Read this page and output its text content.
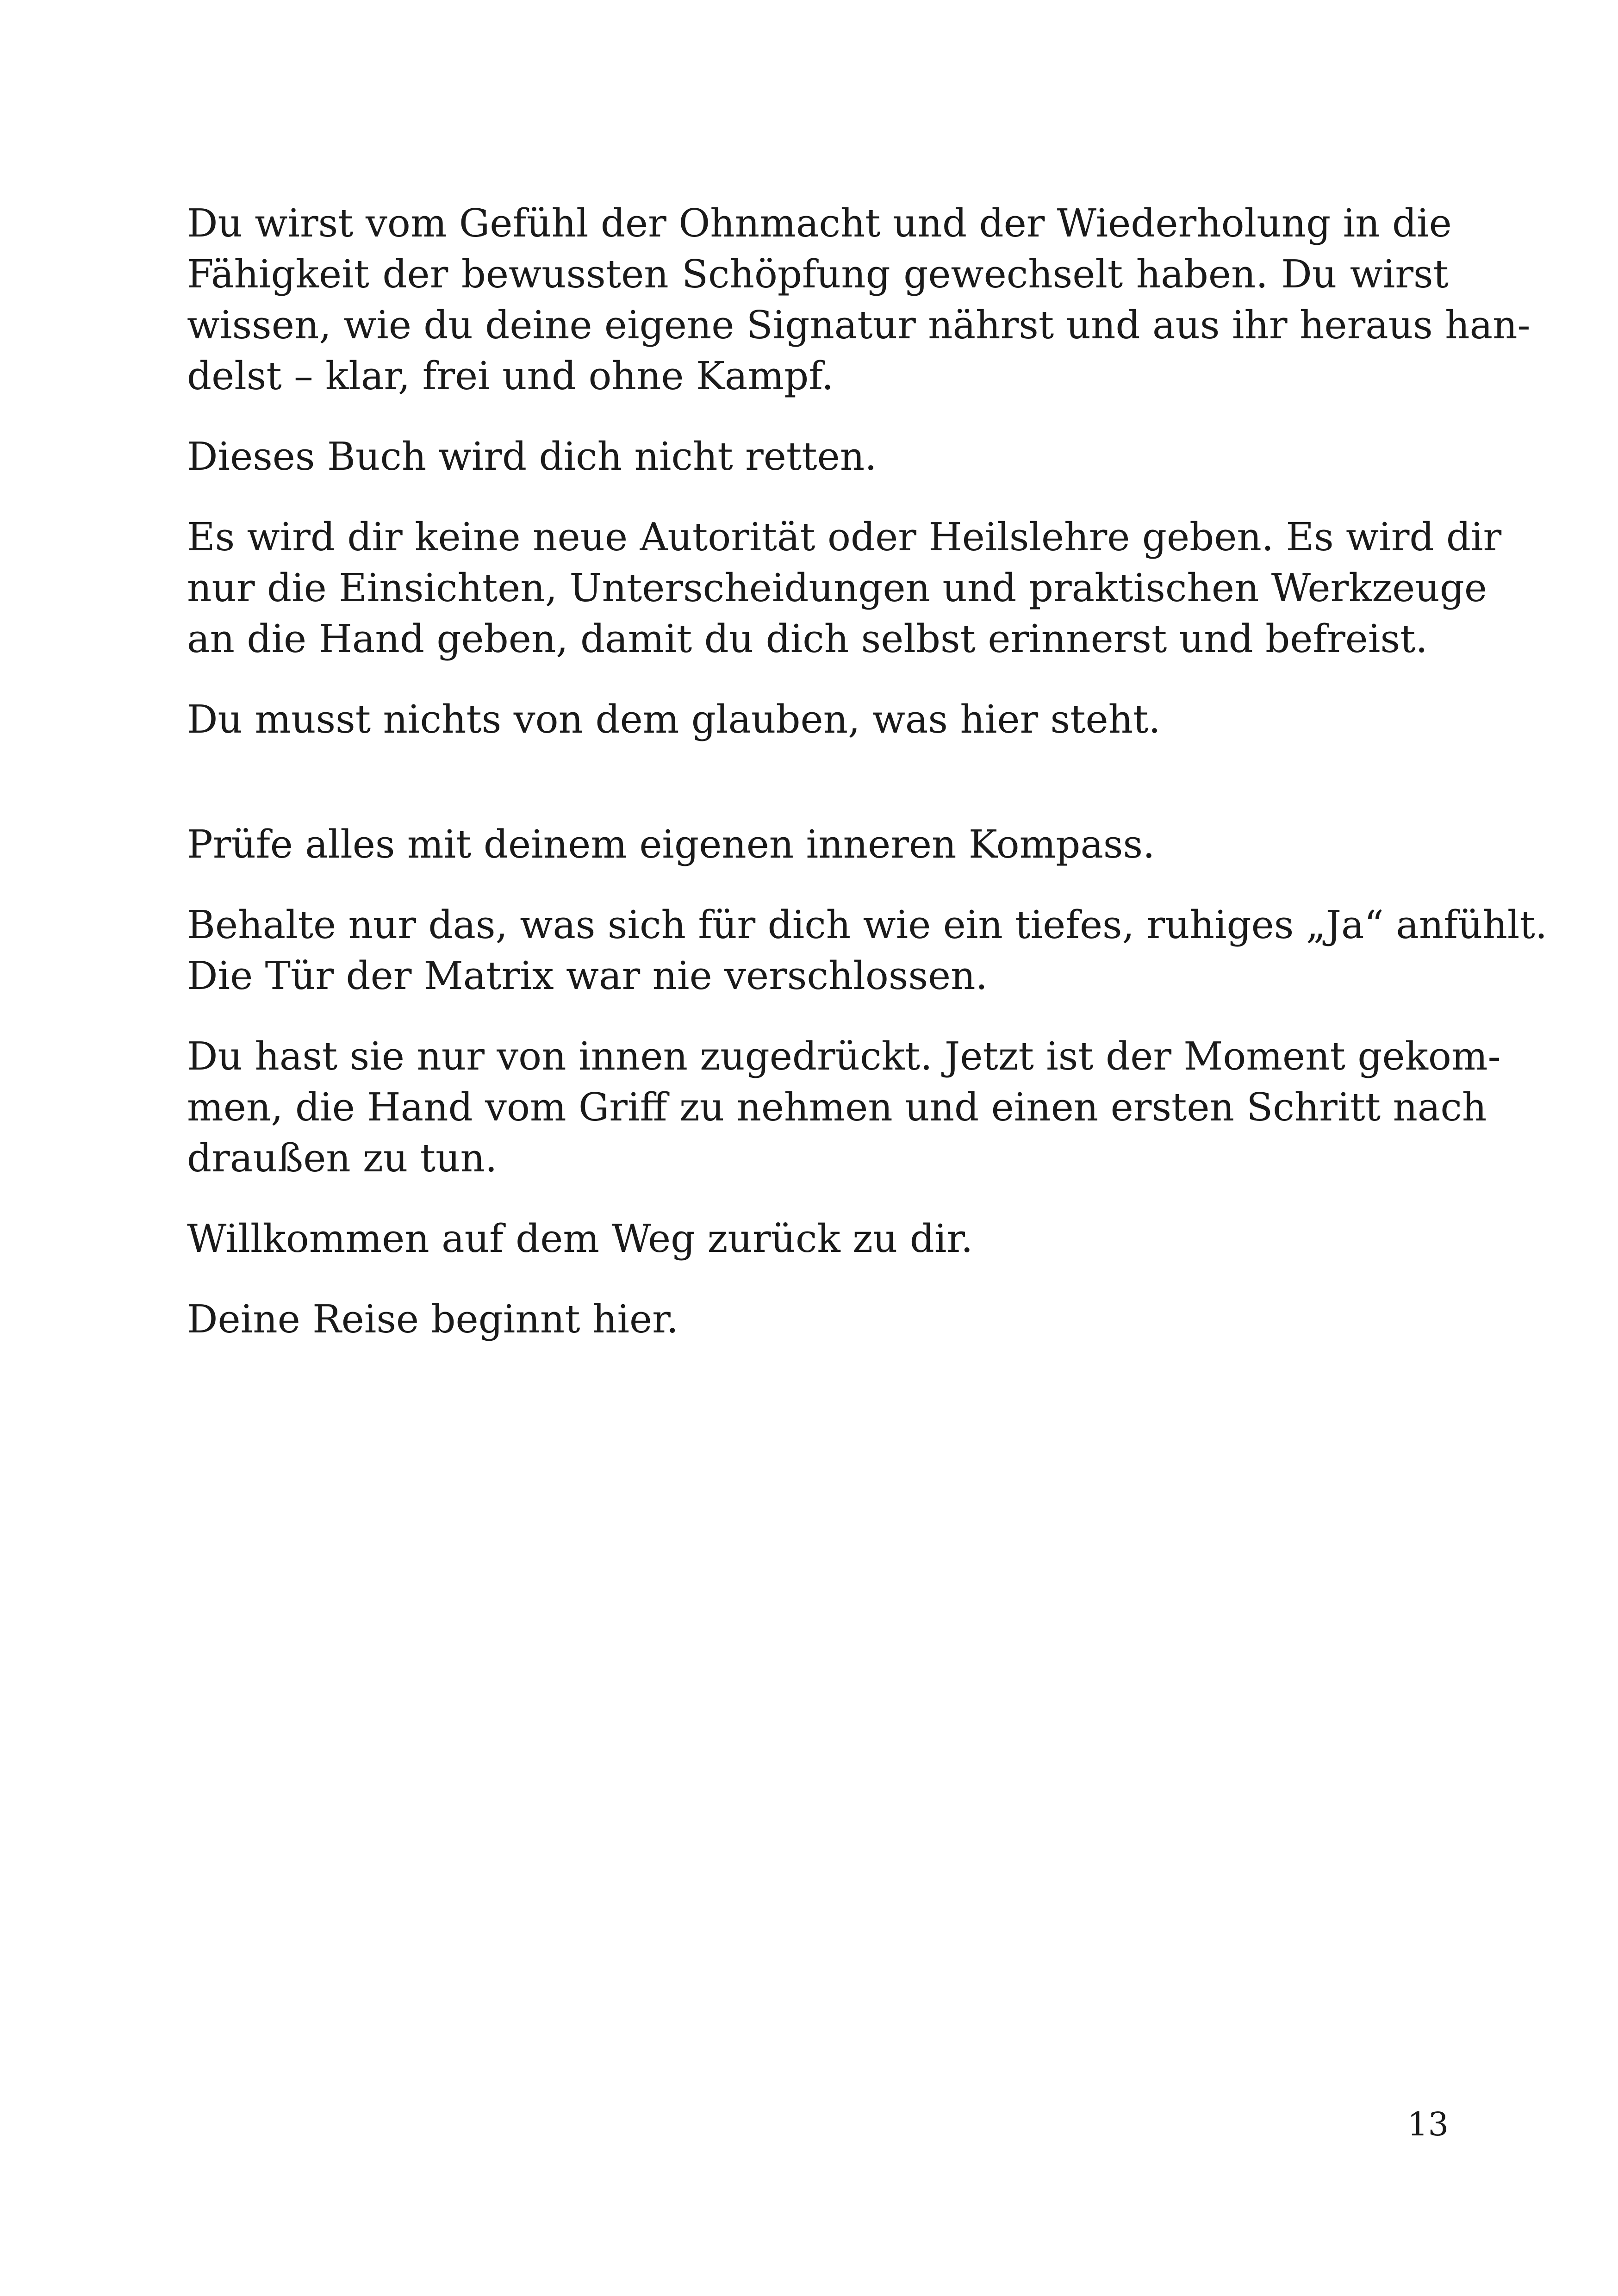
Du wirst vom Gefühl der Ohnmacht und der Wiederholung in die
Fähigkeit der bewussten Schöpfung gewechselt haben. Du wirst
wissen, wie du deine eigene Signatur nährst und aus ihr heraus han-
delst – klar, frei und ohne Kampf.

Dieses Buch wird dich nicht retten.

Es wird dir keine neue Autorität oder Heilslehre geben. Es wird dir
nur die Einsichten, Unterscheidungen und praktischen Werkzeuge
an die Hand geben, damit du dich selbst erinnerst und befreist.

Du musst nichts von dem glauben, was hier steht.

Prüfe alles mit deinem eigenen inneren Kompass.

Behalte nur das, was sich für dich wie ein tiefes, ruhiges „Ja“ anfühlt.
Die Tür der Matrix war nie verschlossen.

Du hast sie nur von innen zugedrückt. Jetzt ist der Moment gekom-
men, die Hand vom Griff zu nehmen und einen ersten Schritt nach
draußen zu tun.

Willkommen auf dem Weg zurück zu dir.

Deine Reise beginnt hier.

13
